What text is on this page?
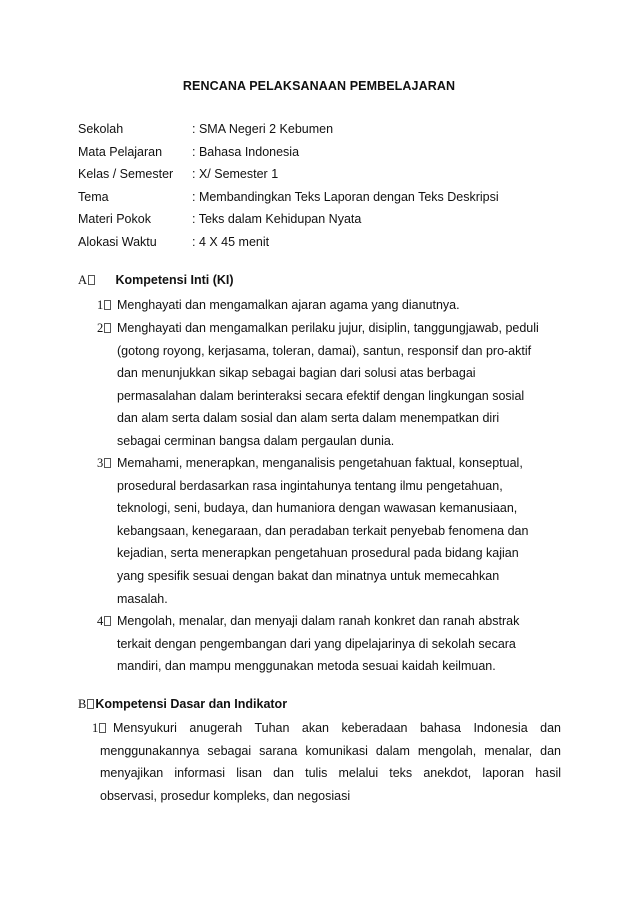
RENCANA PELAKSANAAN PEMBELAJARAN
Sekolah	: SMA Negeri 2 Kebumen
Mata Pelajaran : Bahasa Indonesia
Kelas / Semester : X/ Semester 1
Tema	: Membandingkan Teks Laporan dengan Teks Deskripsi
Materi Pokok	: Teks dalam Kehidupan Nyata
Alokasi Waktu	: 4 X 45 menit
A Kompetensi Inti (KI)
1	Menghayati dan mengamalkan ajaran agama yang dianutnya.
2	Menghayati dan mengamalkan perilaku jujur, disiplin, tanggungjawab, peduli
(gotong royong, kerjasama, toleran, damai), santun, responsif dan pro-aktif
dan menunjukkan sikap sebagai bagian dari solusi atas berbagai
permasalahan dalam berinteraksi secara efektif dengan lingkungan sosial
dan alam serta dalam sosial dan alam serta dalam menempatkan diri
sebagai cerminan bangsa dalam pergaulan dunia.
3	Memahami, menerapkan, menganalisis pengetahuan faktual, konseptual,
prosedural berdasarkan rasa ingintahunya tentang ilmu pengetahuan,
teknologi, seni, budaya, dan humaniora dengan wawasan kemanusiaan,
kebangsaan, kenegaraan, dan peradaban terkait penyebab fenomena dan
kejadian, serta menerapkan pengetahuan prosedural pada bidang kajian
yang spesifik sesuai dengan bakat dan minatnya untuk memecahkan
masalah.
4	Mengolah, menalar, dan menyaji dalam ranah konkret dan ranah abstrak
terkait dengan pengembangan dari yang dipelajarinya di sekolah secara
mandiri, dan mampu menggunakan metoda sesuai kaidah keilmuan.
B Kompetensi Dasar dan Indikator
1	Mensyukuri anugerah Tuhan akan keberadaan bahasa Indonesia dan
menggunakannya sebagai sarana komunikasi dalam mengolah, menalar, dan
menyajikan informasi lisan dan tulis melalui teks anekdot, laporan hasil
observasi, prosedur kompleks, dan negosiasi
